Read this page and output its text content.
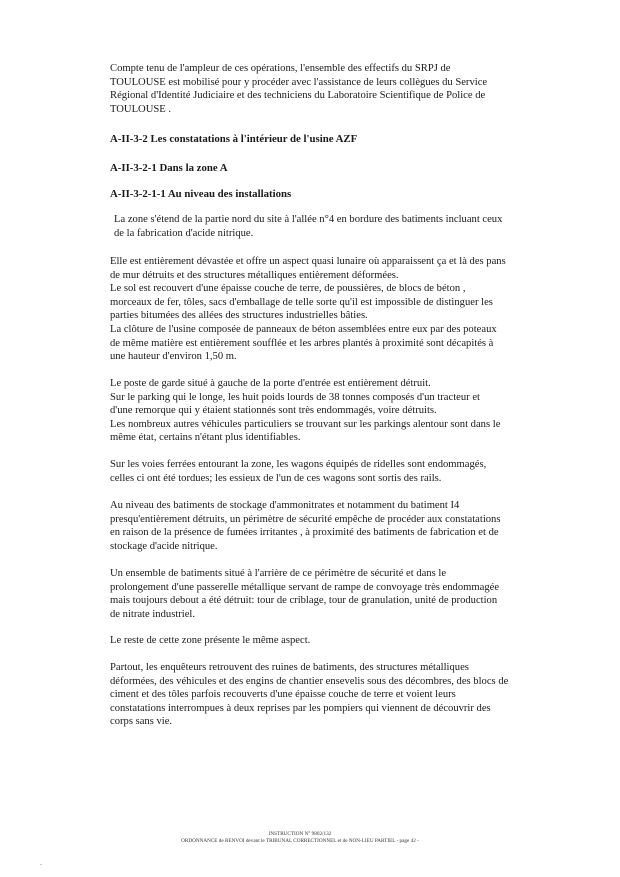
Compte tenu de l'ampleur de ces opérations, l'ensemble des effectifs du SRPJ de
TOULOUSE est mobilisé pour y procéder avec l'assistance de leurs collègues du Service
Régional d'Identité Judiciaire et des techniciens du Laboratoire Scientifique de Police de
TOULOUSE .
A-II-3-2 Les constatations à l'intérieur de l'usine AZF
A-II-3-2-1 Dans la zone A
A-II-3-2-1-1 Au niveau des installations
La zone s'étend de la partie nord du site à l'allée n°4 en bordure des batiments incluant ceux
de la fabrication d'acide nitrique.
Elle est entièrement dévastée et offre un aspect quasi lunaire où apparaissent ça et là des pans
de mur détruits et des structures métalliques entièrement déformées.
Le sol est recouvert d'une épaisse couche de terre, de poussières, de blocs de béton ,
morceaux de fer, tôles, sacs d'emballage de telle sorte qu'il est impossible de distinguer les
parties bitumées des allées des structures industrielles bâties.
La clôture de l'usine composée de panneaux de béton assemblées entre eux par des poteaux
de même matière est entièrement soufflée et les arbres plantés à proximité sont décapités à
une hauteur d'environ 1,50 m.
Le poste de garde situé à gauche de la porte d'entrée est entièrement détruit.
Sur le parking qui le longe, les huit poids lourds de 38 tonnes composés d'un tracteur et
d'une remorque qui y étaient stationnés sont très endommagés, voire détruits.
Les nombreux autres véhicules particuliers se trouvant sur les parkings alentour sont dans le
même état, certains n'étant plus identifiables.
Sur les voies ferrées entourant la zone, les wagons équipés de ridelles sont endommagés,
celles ci ont été tordues; les essieux de l'un de ces wagons sont sortis des rails.
Au niveau des batiments de stockage d'ammonitrates et notamment du batiment I4
presqu'entièrement détruits, un périmètre de sécurité empêche de procéder aux constatations
en raison de la présence de fumées irritantes , à proximité des batiments de fabrication et de
stockage d'acide nitrique.
Un ensemble de batiments situé à l'arrière de ce périmètre de sécurité et dans le
prolongement d'une passerelle métallique servant de rampe de convoyage très endommagée
mais toujours debout a été détruit: tour de criblage, tour de granulation, unité de production
de nitrate industriel.
Le reste de cette zone présente le même aspect.
Partout, les enquêteurs retrouvent des ruines de batiments, des structures métalliques
déformées, des véhicules et des engins de chantier ensevelis sous des décombres, des blocs de
ciment et des tôles parfois recouverts d'une épaisse couche de terre et voient leurs
constatations interrompues à deux reprises par les pompiers qui viennent de découvrir des
corps sans vie.
INSTRUCTION N° 9802/132
ORDONNANCE de RENVOI devant le TRIBUNAL CORRECTIONNEL et de NON-LIEU PARTIEL - page 42 -
